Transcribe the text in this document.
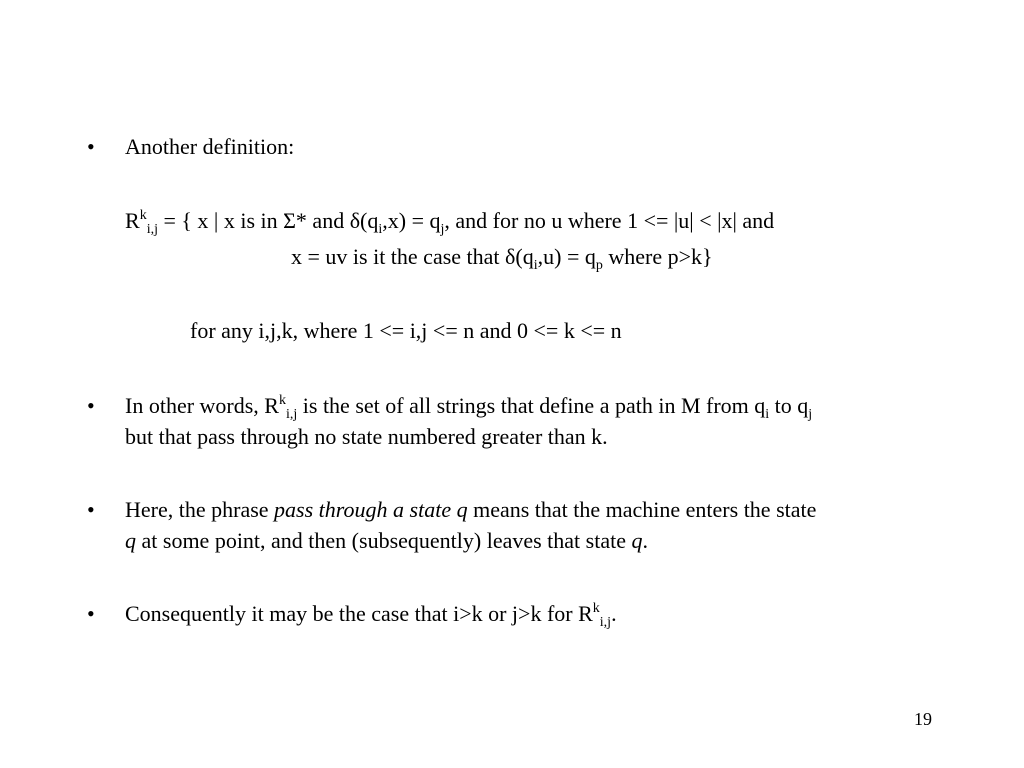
• Another definition:
$R^k_{i,j}$ = { x | x is in Σ* and $\delta(q_i,x) = q_j$, and for no u where 1 <= |u| < |x| and
x = uv is it the case that $\delta(q_i,u) = q_p$ where p>k}
for any i,j,k, where 1 <= i,j <= n and 0 <= k <= n
• In other words, $R^k_{i,j}$ is the set of all strings that define a path in M from $q_i$ to $q_j$
but that pass through no state numbered greater than k.
• Here, the phrase pass through a state q means that the machine enters the state
q at some point, and then (subsequently) leaves that state q.
• Consequently it may be the case that i>k or j>k for $R^k_{i,j}$.
19
